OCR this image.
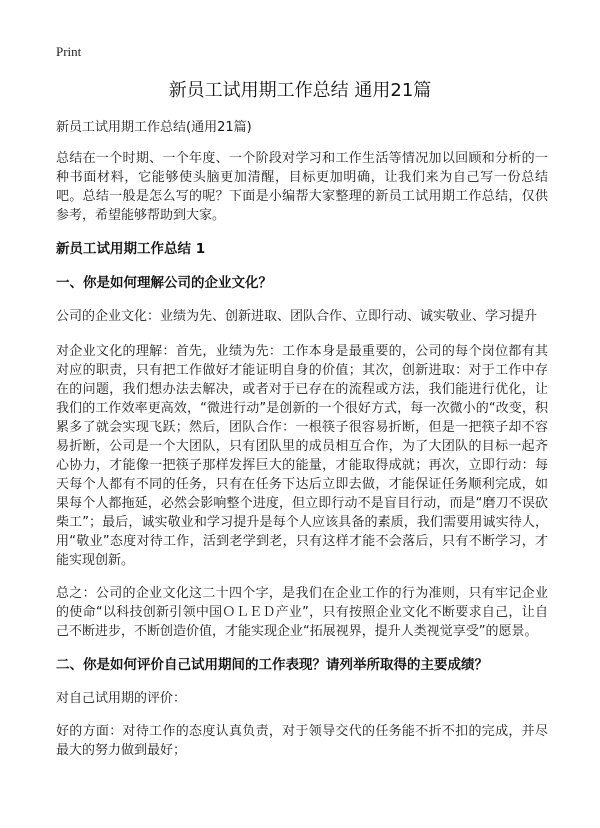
Print
新员工试用期工作总结 通用21篇

新员工试用期工作总结(通用21篇)

总结在一个时期、一个年度、一个阶段对学习和工作生活等情况加以回顾和分析的一种书面材料，它能够使头脑更加清醒，目标更加明确，让我们来为自己写一份总结吧。总结一般是怎么写的呢？下面是小编帮大家整理的新员工试用期工作总结，仅供参考，希望能够帮助到大家。

新员工试用期工作总结 1
一、你是如何理解公司的企业文化？

公司的企业文化：业绩为先、创新进取、团队合作、立即行动、诚实敬业、学习提升

对企业文化的理解：首先，业绩为先：工作本身是最重要的，公司的每个岗位都有其对应的职责，只有把工作做好才能证明自身的价值；其次，创新进取：对于工作中存在的问题，我们想办法去解决，或者对于已存在的流程或方法，我们能进行优化，让我们的工作效率更高效，“微进行动”是创新的一个很好方式，每一次微小的“改变，积累多了就会实现飞跃；然后，团队合作：一根筷子很容易折断，但是一把筷子却不容易折断，公司是一个大团队，只有团队里的成员相互合作，为了大团队的目标一起齐心协力，才能像一把筷子那样发挥巨大的能量，才能取得成就；再次，立即行动：每天每个人都有不同的任务，只有在任务下达后立即去做，才能保证任务顺利完成，如果每个人都拖延，必然会影响整个进度，但立即行动不是盲目行动，而是“磨刀不误砍柴工”；最后，诚实敬业和学习提升是每个人应该具备的素质，我们需要用诚实待人，用“敬业”态度对待工作，活到老学到老，只有这样才能不会落后，只有不断学习，才能实现创新。

总之：公司的企业文化这二十四个字，是我们在企业工作的行为准则，只有牢记企业的使命“以科技创新引领中国ＯＬＥＤ产业”，只有按照企业文化不断要求自己，让自己不断进步，不断创造价值，才能实现企业“拓展视界，提升人类视觉享受”的愿景。

二、你是如何评价自己试用期间的工作表现？请列举所取得的主要成绩？

对自己试用期的评价：

好的方面：对待工作的态度认真负责，对于领导交代的任务能不折不扣的完成，并尽最大的努力做到最好；
